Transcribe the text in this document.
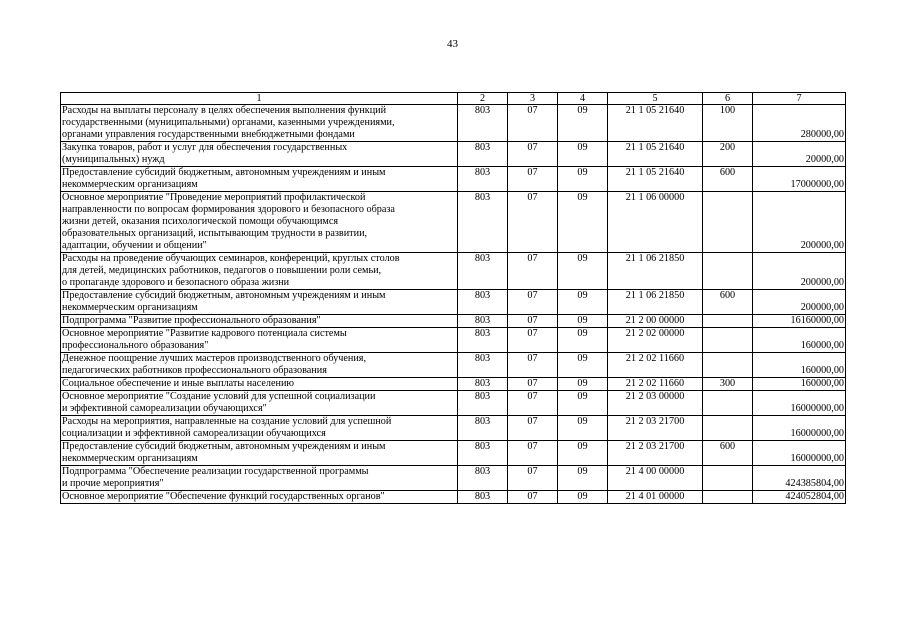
43
1	2	3	4	5	6	7

Расходы на выплаты персоналу в целях обеспечения выполнения функций
государственными (муниципальными) органами, казенными учреждениями,
органами управления государственными внебюджетными фондами	803	07	09	21 1 05 21640	100	280000,00

Закупка товаров, работ и услуг для обеспечения государственных
(муниципальных) нужд	803	07	09	21 1 05 21640	200	20000,00

Предоставление субсидий бюджетным, автономным учреждениям и иным
некоммерческим организациям	803	07	09	21 1 05 21640	600	17000000,00

Основное мероприятие "Проведение мероприятий профилактической
направленности по вопросам формирования здорового и безопасного образа
жизни детей, оказания психологической помощи обучающимся
образовательных организаций, испытывающим трудности в развитии,
адаптации, обучении и общении"	803	07	09	21 1 06 00000		200000,00

Расходы на проведение обучающих семинаров, конференций, круглых столов
для детей, медицинских работников, педагогов о повышении роли семьи,
о пропаганде здорового и безопасного образа жизни	803	07	09	21 1 06 21850		200000,00

Предоставление субсидий бюджетным, автономным учреждениям и иным
некоммерческим организациям	803	07	09	21 1 06 21850	600	200000,00

Подпрограмма "Развитие профессионального образования"	803	07	09	21 2 00 00000		16160000,00

Основное мероприятие "Развитие кадрового потенциала системы
профессионального образования"	803	07	09	21 2 02 00000		160000,00

Денежное поощрение лучших мастеров производственного обучения,
педагогических работников профессионального образования	803	07	09	21 2 02 11660		160000,00

Социальное обеспечение и иные выплаты населению	803	07	09	21 2 02 11660	300	160000,00

Основное мероприятие "Создание условий для успешной социализации
и эффективной самореализации обучающихся"	803	07	09	21 2 03 00000		16000000,00

Расходы на мероприятия, направленные на создание условий для успешной
социализации и эффективной самореализации обучающихся	803	07	09	21 2 03 21700		16000000,00

Предоставление субсидий бюджетным, автономным учреждениям и иным
некоммерческим организациям	803	07	09	21 2 03 21700	600	16000000,00

Подпрограмма "Обеспечение реализации государственной программы
и прочие мероприятия"	803	07	09	21 4 00 00000		424385804,00

Основное мероприятие "Обеспечение функций государственных органов"	803	07	09	21 4 01 00000		424052804,00
